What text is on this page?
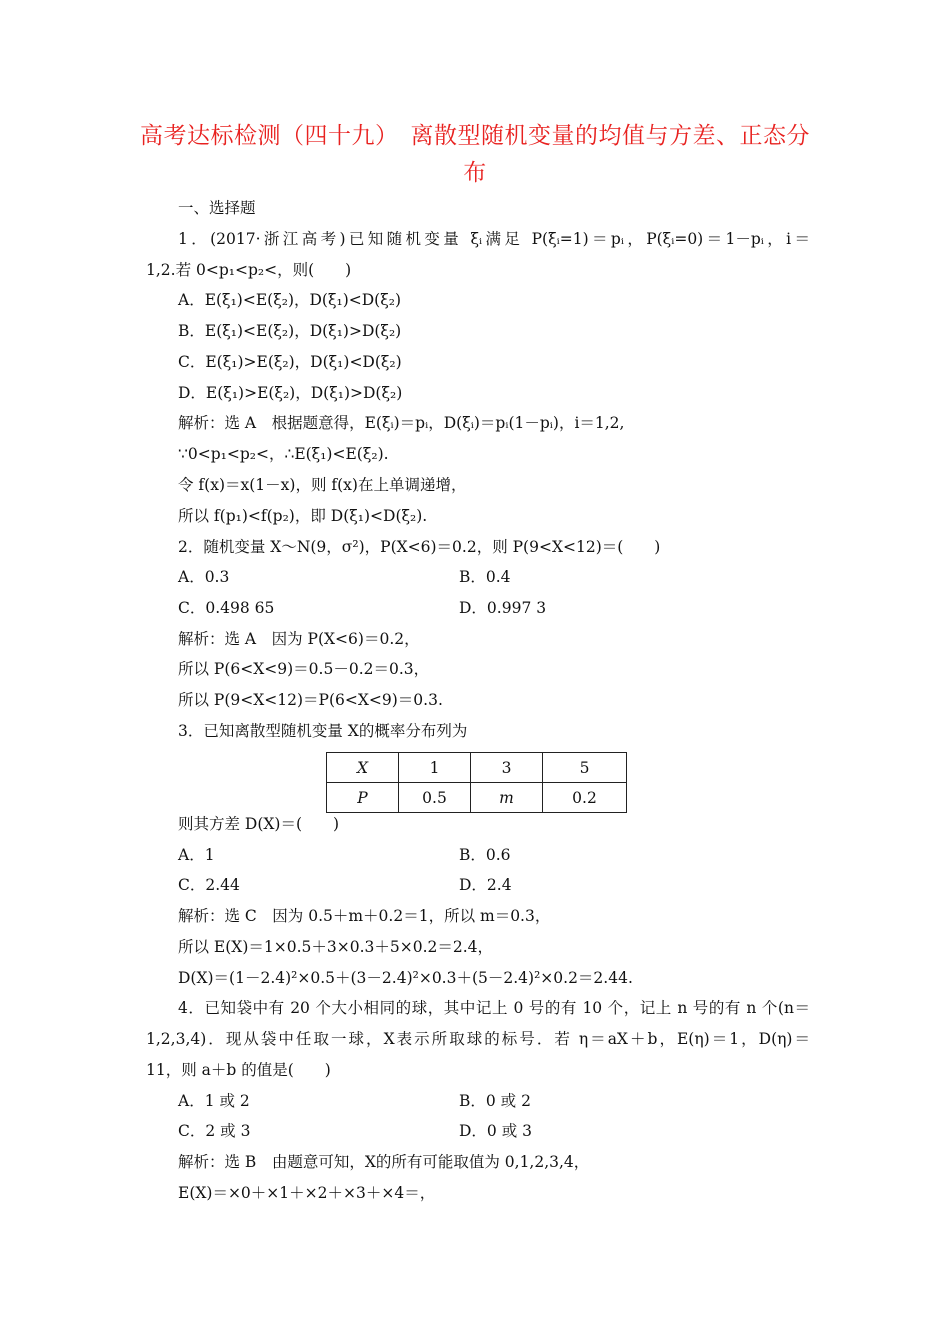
高考达标检测（四十九）　离散型随机变量的均值与方差、正态分
布
一、选择题
1．(2017·浙江高考)已知随机变量 ξᵢ满足 P(ξᵢ=1)＝pᵢ，P(ξᵢ=0)＝1－pᵢ，i＝
1,2.若 0<p₁<p₂<，则(　　)
A．E(ξ₁)<E(ξ₂)，D(ξ₁)<D(ξ₂)
B．E(ξ₁)<E(ξ₂)，D(ξ₁)>D(ξ₂)
C．E(ξ₁)>E(ξ₂)，D(ξ₁)<D(ξ₂)
D．E(ξ₁)>E(ξ₂)，D(ξ₁)>D(ξ₂)
解析：选 A　根据题意得，E(ξᵢ)＝pᵢ，D(ξᵢ)＝pᵢ(1－pᵢ)，i＝1,2,
∵0<p₁<p₂<，∴E(ξ₁)<E(ξ₂).
令 f(x)＝x(1－x)，则 f(x)在上单调递增，
所以 f(p₁)<f(p₂)，即 D(ξ₁)<D(ξ₂).
2．随机变量 X～N(9，σ²)，P(X<6)＝0.2，则 P(9<X<12)＝(　　)
A．0.3	B．0.4
C．0.498 65	D．0.997 3
解析：选 A　因为 P(X<6)＝0.2，
所以 P(6<X<9)＝0.5－0.2＝0.3，
所以 P(9<X<12)＝P(6<X<9)＝0.3.
3．已知离散型随机变量 X的概率分布列为
X	1	3	5
P	0.5	m	0.2
则其方差 D(X)＝(　　)
A．1	B．0.6
C．2.44	D．2.4
解析：选 C　因为 0.5＋m＋0.2＝1，所以 m＝0.3，
所以 E(X)＝1×0.5＋3×0.3＋5×0.2＝2.4，
D(X)＝(1－2.4)²×0.5＋(3－2.4)²×0.3＋(5－2.4)²×0.2＝2.44.
4．已知袋中有 20 个大小相同的球，其中记上 0 号的有 10 个，记上 n 号的有 n 个(n＝
1,2,3,4)．现从袋中任取一球，X表示所取球的标号．若 η＝aX＋b，E(η)＝1，D(η)＝
11，则 a＋b 的值是(　　)
A．1 或 2	B．0 或 2
C．2 或 3	D．0 或 3
解析：选 B　由题意可知，X的所有可能取值为 0,1,2,3,4，
E(X)＝×0＋×1＋×2＋×3＋×4＝，
